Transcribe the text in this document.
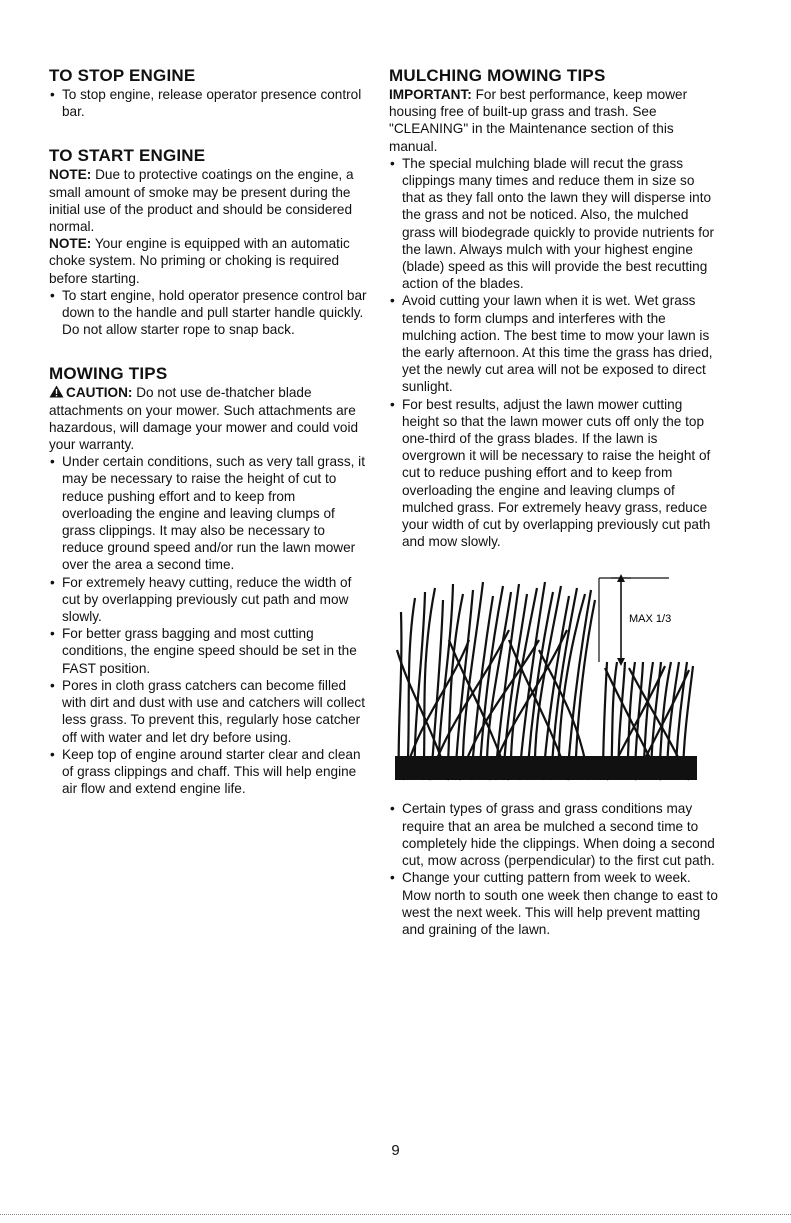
TO STOP ENGINE
• To stop engine, release operator presence control bar.
TO START ENGINE

NOTE: Due to protective coatings on the engine, a small amount of smoke may be present during the initial use of the product and should be considered normal.

NOTE: Your engine is equipped with an automatic choke system. No priming or choking is required before starting.

• To start engine, hold operator presence control bar down to the handle and pull starter handle quickly. Do not allow starter rope to snap back.
MOWING TIPS

CAUTION: Do not use de-thatcher blade attachments on your mower. Such attachments are hazardous, will damage your mower and could void your warranty.

• Under certain conditions, such as very tall grass, it may be necessary to raise the height of cut to reduce pushing effort and to keep from overloading the engine and leaving clumps of grass clippings. It may also be necessary to reduce ground speed and/or run the lawn mower over the area a second time.
• For extremely heavy cutting, reduce the width of cut by overlapping previously cut path and mow slowly.
• For better grass bagging and most cutting conditions, the engine speed should be set in the FAST position.
• Pores in cloth grass catchers can become filled with dirt and dust with use and catchers will collect less grass. To prevent this, regularly hose catcher off with water and let dry before using.
• Keep top of engine around starter clear and clean of grass clippings and chaff. This will help engine air flow and extend engine life.
MULCHING MOWING TIPS

IMPORTANT: For best performance, keep mower housing free of built-up grass and trash. See "CLEANING" in the Maintenance section of this manual.

• The special mulching blade will recut the grass clippings many times and reduce them in size so that as they fall onto the lawn they will disperse into the grass and not be noticed. Also, the mulched grass will biodegrade quickly to provide nutrients for the lawn. Always mulch with your highest engine (blade) speed as this will provide the best recutting action of the blades.
• Avoid cutting your lawn when it is wet. Wet grass tends to form clumps and interferes with the mulching action. The best time to mow your lawn is the early afternoon. At this time the grass has dried, yet the newly cut area will not be exposed to direct sunlight.
• For best results, adjust the lawn mower cutting height so that the lawn mower cuts off only the top one-third of the grass blades. If the lawn is overgrown it will be necessary to raise the height of cut to reduce pushing effort and to keep from overloading the engine and leaving clumps of mulched grass. For extremely heavy grass, reduce your width of cut by overlapping previously cut path and mow slowly.
MAX 1/3
• Certain types of grass and grass conditions may require that an area be mulched a second time to completely hide the clippings. When doing a second cut, mow across (perpendicular) to the first cut path.
• Change your cutting pattern from week to week. Mow north to south one week then change to east to west the next week. This will help prevent matting and graining of the lawn.
9
